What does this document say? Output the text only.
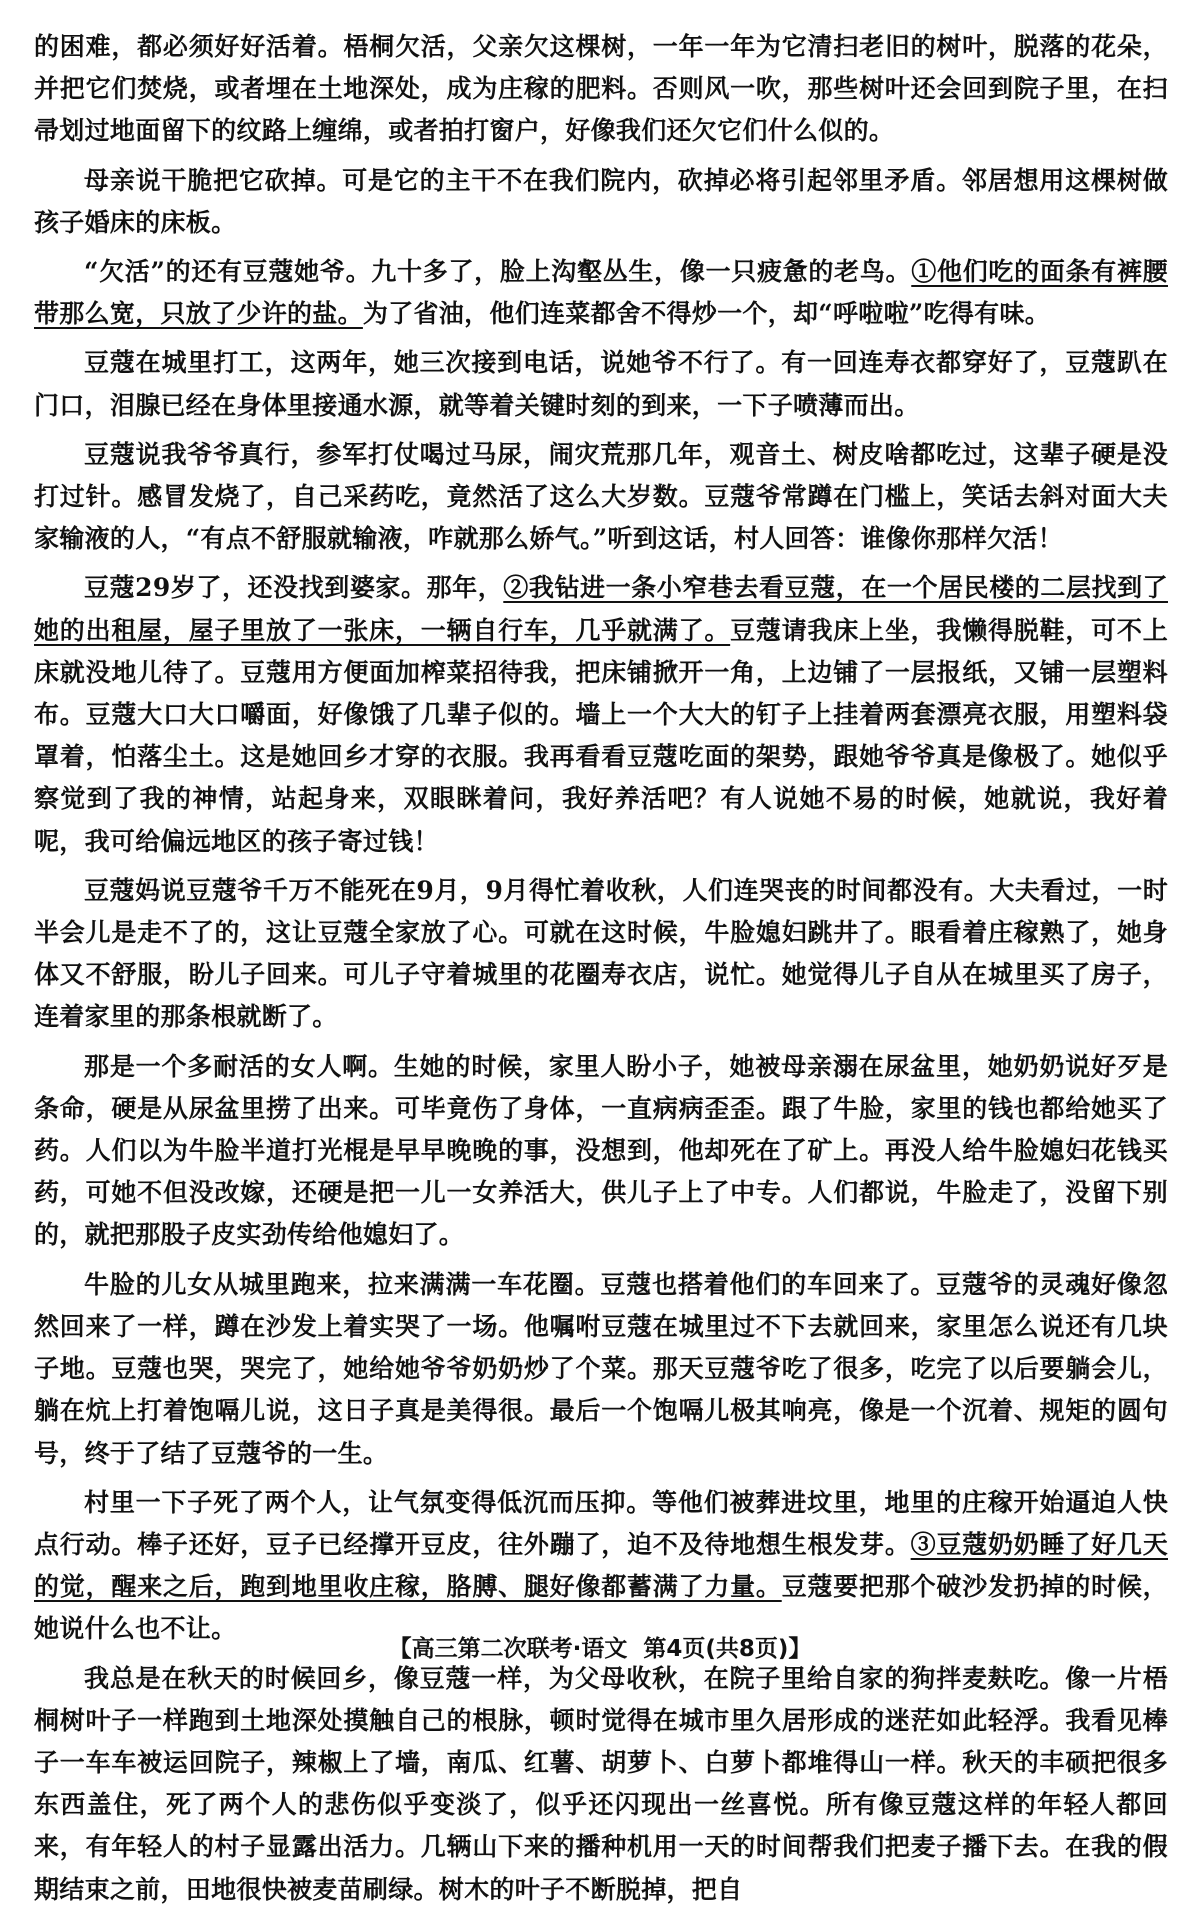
的困难，都必须好好活着。梧桐欠活，父亲欠这棵树，一年一年为它清扫老旧的树叶，脱落的花朵，并把它们焚烧，或者埋在土地深处，成为庄稼的肥料。否则风一吹，那些树叶还会回到院子里，在扫帚划过地面留下的纹路上缠绵，或者拍打窗户，好像我们还欠它们什么似的。

母亲说干脆把它砍掉。可是它的主干不在我们院内，砍掉必将引起邻里矛盾。邻居想用这棵树做孩子婚床的床板。

“欠活”的还有豆蔻她爷。九十多了，脸上沟壑丛生，像一只疲惫的老鸟。①他们吃的面条有裤腰带那么宽，只放了少许的盐。为了省油，他们连菜都舍不得炒一个，却“呼啦啦”吃得有味。

豆蔻在城里打工，这两年，她三次接到电话，说她爷不行了。有一回连寿衣都穿好了，豆蔻趴在门口，泪腺已经在身体里接通水源，就等着关键时刻的到来，一下子喷薄而出。

豆蔻说我爷爷真行，参军打仗喝过马尿，闹灾荒那几年，观音土、树皮啥都吃过，这辈子硬是没打过针。感冒发烧了，自己采药吃，竟然活了这么大岁数。豆蔻爷常蹲在门槛上，笑话去斜对面大夫家输液的人，“有点不舒服就输液，咋就那么娇气。”听到这话，村人回答：谁像你那样欠活！

豆蔻29岁了，还没找到婆家。那年，②我钻进一条小窄巷去看豆蔻，在一个居民楼的二层找到了她的出租屋，屋子里放了一张床，一辆自行车，几乎就满了。豆蔻请我床上坐，我懒得脱鞋，可不上床就没地儿待了。豆蔻用方便面加榨菜招待我，把床铺掀开一角，上边铺了一层报纸，又铺一层塑料布。豆蔻大口大口嚼面，好像饿了几辈子似的。墙上一个大大的钉子上挂着两套漂亮衣服，用塑料袋罩着，怕落尘土。这是她回乡才穿的衣服。我再看看豆蔻吃面的架势，跟她爷爷真是像极了。她似乎察觉到了我的神情，站起身来，双眼眯着问，我好养活吧？有人说她不易的时候，她就说，我好着呢，我可给偏远地区的孩子寄过钱！

豆蔻妈说豆蔻爷千万不能死在9月，9月得忙着收秋，人们连哭丧的时间都没有。大夫看过，一时半会儿是走不了的，这让豆蔻全家放了心。可就在这时候，牛脸媳妇跳井了。眼看着庄稼熟了，她身体又不舒服，盼儿子回来。可儿子守着城里的花圈寿衣店，说忙。她觉得儿子自从在城里买了房子，连着家里的那条根就断了。

那是一个多耐活的女人啊。生她的时候，家里人盼小子，她被母亲溺在尿盆里，她奶奶说好歹是条命，硬是从尿盆里捞了出来。可毕竟伤了身体，一直病病歪歪。跟了牛脸，家里的钱也都给她买了药。人们以为牛脸半道打光棍是早早晚晚的事，没想到，他却死在了矿上。再没人给牛脸媳妇花钱买药，可她不但没改嫁，还硬是把一儿一女养活大，供儿子上了中专。人们都说，牛脸走了，没留下别的，就把那股子皮实劲传给他媳妇了。

牛脸的儿女从城里跑来，拉来满满一车花圈。豆蔻也搭着他们的车回来了。豆蔻爷的灵魂好像忽然回来了一样，蹲在沙发上着实哭了一场。他嘱咐豆蔻在城里过不下去就回来，家里怎么说还有几块子地。豆蔻也哭，哭完了，她给她爷爷奶奶炒了个菜。那天豆蔻爷吃了很多，吃完了以后要躺会儿，躺在炕上打着饱嗝儿说，这日子真是美得很。最后一个饱嗝儿极其响亮，像是一个沉着、规矩的圆句号，终于了结了豆蔻爷的一生。

村里一下子死了两个人，让气氛变得低沉而压抑。等他们被葬进坟里，地里的庄稼开始逼迫人快点行动。棒子还好，豆子已经撑开豆皮，往外蹦了，迫不及待地想生根发芽。③豆蔻奶奶睡了好几天的觉，醒来之后，跑到地里收庄稼，胳膊、腿好像都蓄满了力量。豆蔻要把那个破沙发扔掉的时候，她说什么也不让。

我总是在秋天的时候回乡，像豆蔻一样，为父母收秋，在院子里给自家的狗拌麦麸吃。像一片梧桐树叶子一样跑到土地深处摸触自己的根脉，顿时觉得在城市里久居形成的迷茫如此轻浮。我看见棒子一车车被运回院子，辣椒上了墙，南瓜、红薯、胡萝卜、白萝卜都堆得山一样。秋天的丰硕把很多东西盖住，死了两个人的悲伤似乎变淡了，似乎还闪现出一丝喜悦。所有像豆蔻这样的年轻人都回来，有年轻人的村子显露出活力。几辆山下来的播种机用一天的时间帮我们把麦子播下去。在我的假期结束之前，田地很快被麦苗刷绿。树木的叶子不断脱掉，把自

【高三第二次联考·语文 第4页(共8页)】
